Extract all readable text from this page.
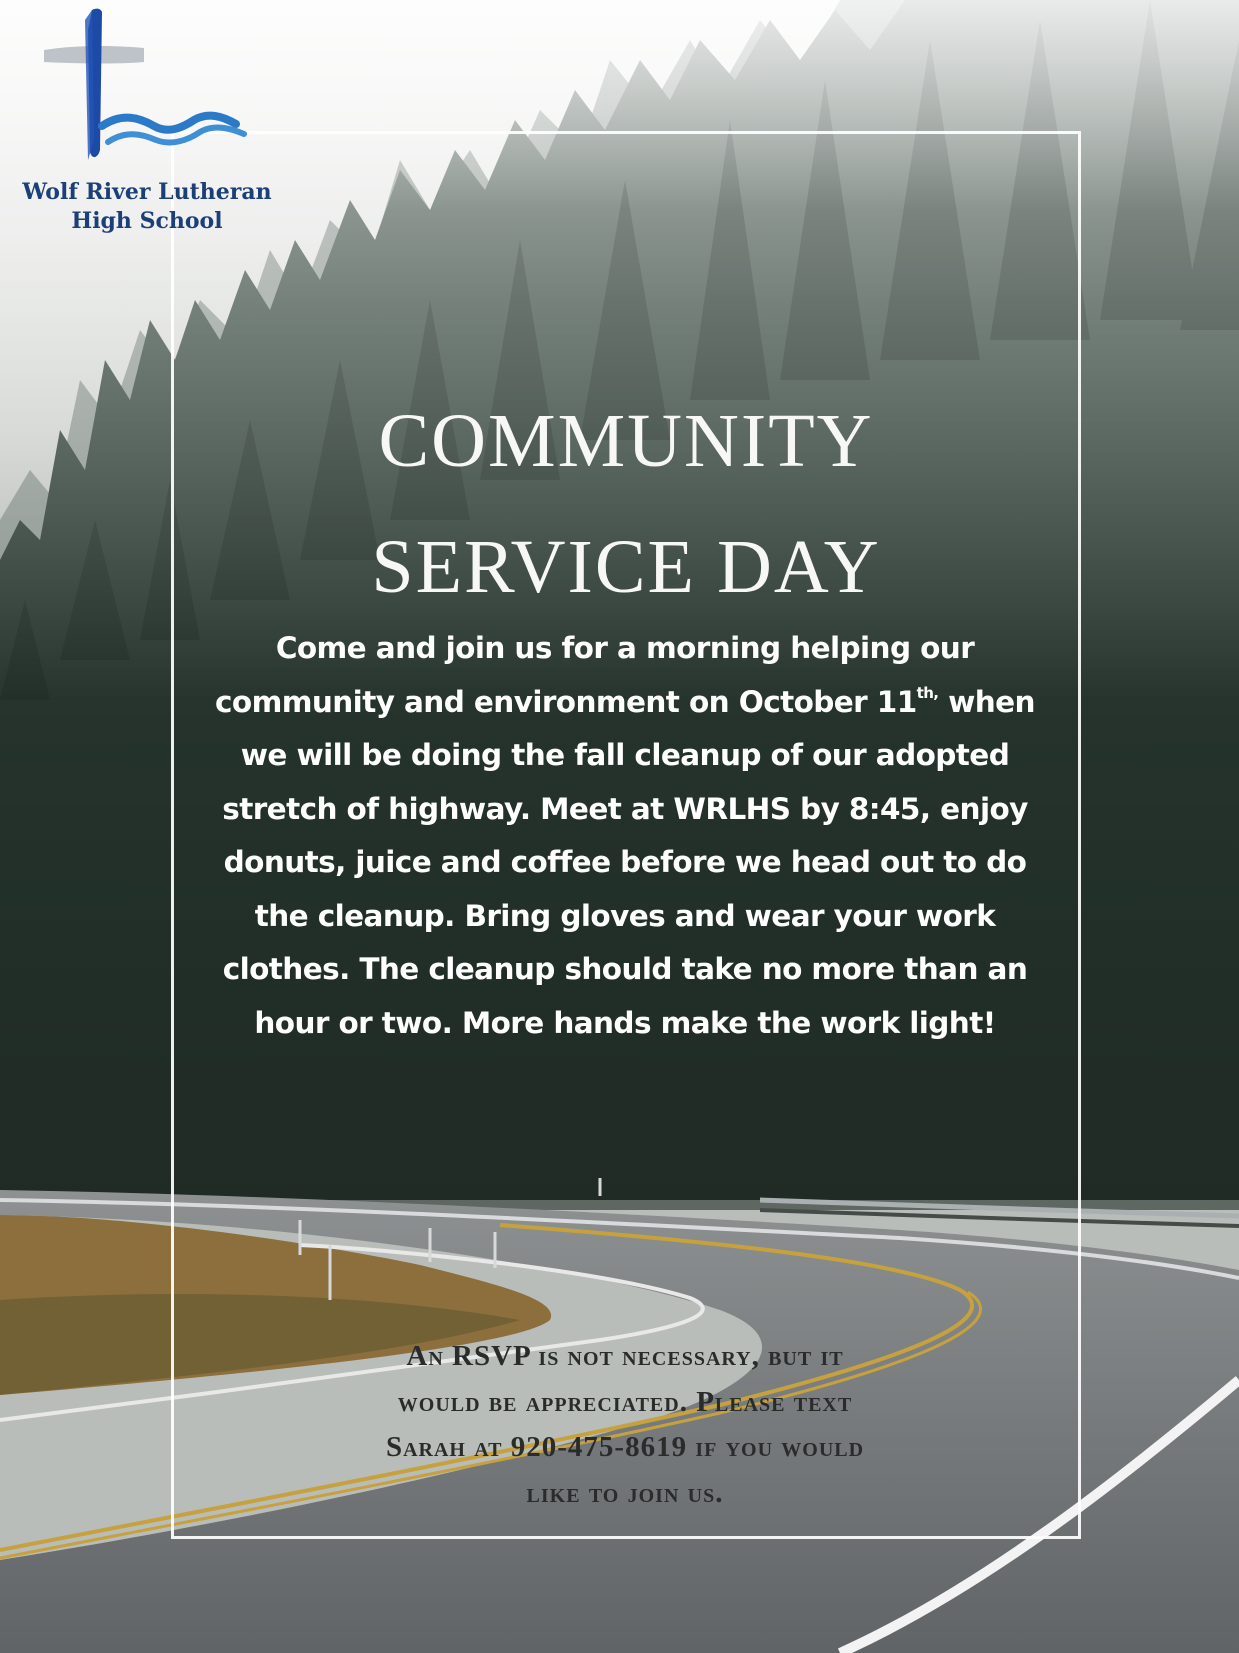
Wolf River Lutheran
High School
COMMUNITY
SERVICE DAY
Come and join us for a morning helping our
community and environment on October $11^{th,}$ when
we will be doing the fall cleanup of our adopted
stretch of highway. Meet at WRLHS by 8:45, enjoy
donuts, juice and coffee before we head out to do
the cleanup. Bring gloves and wear your work
clothes. The cleanup should take no more than an
hour or two. More hands make the work light!
An RSVP is not necessary, but it
would be appreciated. Please text
Sarah at 920-475-8619 if you would
like to join us.
